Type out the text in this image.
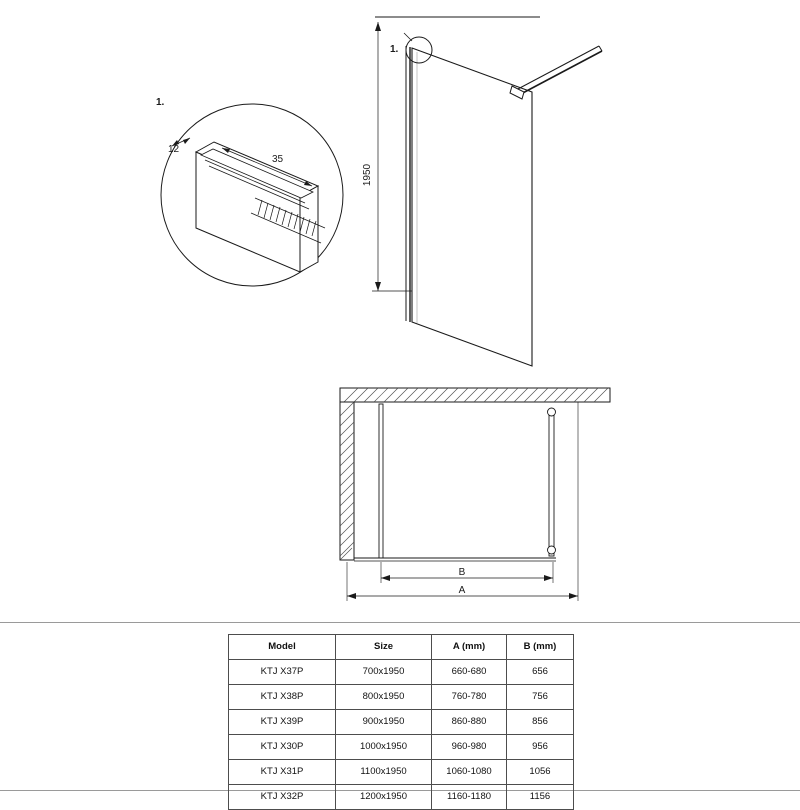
1.
1950
1.
12
35
B
A
Model	Size	A (mm)	B (mm)
KTJ X37P	700x1950	660-680	656
KTJ X38P	800x1950	760-780	756
KTJ X39P	900x1950	860-880	856
KTJ X30P	1000x1950	960-980	956
KTJ X31P	1100x1950	1060-1080	1056
KTJ X32P	1200x1950	1160-1180	1156
